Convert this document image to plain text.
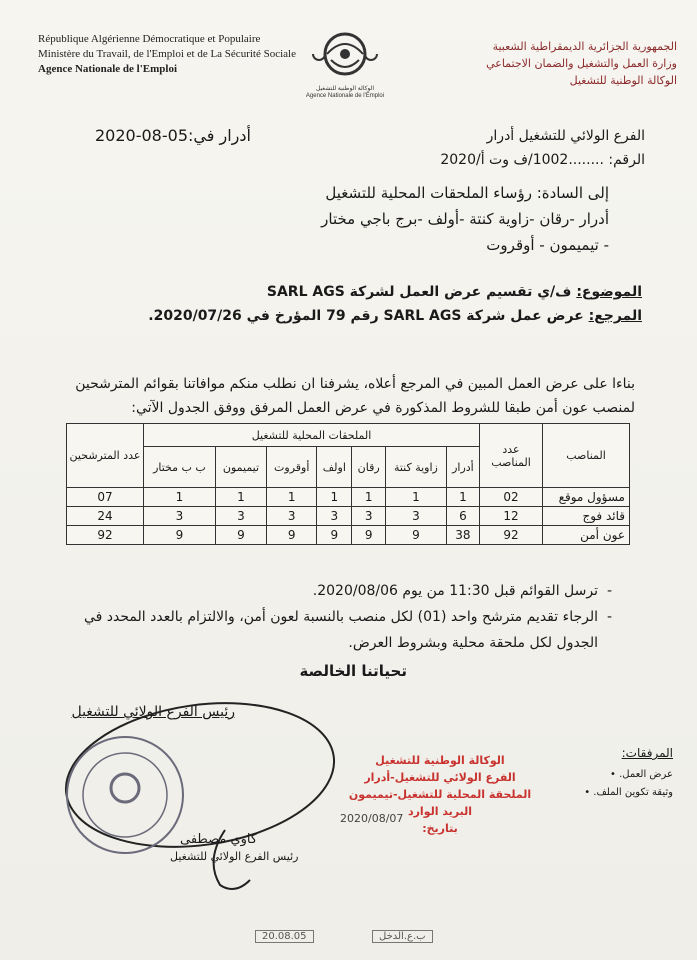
République Algérienne Démocratique et Populaire
Ministère du Travail, de l'Emploi et de La Sécurité Sociale
Agence Nationale de l'Emploi
الوكالة الوطنية للتشغيل
Agence Nationale de l'Emploi
الجمهورية الجزائرية الديمقراطية الشعبية
وزارة العمل والتشغيل والضمان الاجتماعي
الوكالة الوطنية للتشغيل
الفرع الولائي للتشغيل أدرار
الرقم: ........1002/ف وت أ/2020
أدرار في:05-08-2020
إلى السادة: رؤساء الملحقات المحلية للتشغيل
أدرار -رقان -زاوية كنتة -أولف -برج باجي مختار
- تيميمون - أوقروت
الموضوع: ف/ي تقسيم عرض العمل لشركة SARL AGS
المرجع: عرض عمل شركة SARL AGS رقم 79 المؤرخ في 2020/07/26.
بناءا على عرض العمل المبين في المرجع أعلاه، يشرفنا ان نطلب منكم موافاتنا بقوائم المترشحين لمنصب عون أمن طبقا للشروط المذكورة في عرض العمل المرفق ووفق الجدول الآتي:
المناصب	عدد المناصب	الملحقات المحلية للتشغيل							عدد المترشحين
		أدرار	زاوية كنتة	رقان	اولف	أوقروت	تيميمون	ب ب مختار	
مسؤول موقع	02	1	1	1	1	1	1	1	07
قائد فوج	12	6	3	3	3	3	3	3	24
عون أمن	92	38	9	9	9	9	9	9	92
- ترسل القوائم قبل 11:30 من يوم 2020/08/06.
- الرجاء تقديم مترشح واحد (01) لكل منصب بالنسبة لعون أمن، والالتزام بالعدد المحدد في الجدول لكل ملحقة محلية وبشروط العرض.
تحياتنا الخالصة
رئيس الفرع الولائي للتشغيل
المرفقات:
عرض العمل. •
وثيقة تكوين الملف. •
الوكالة الوطنية للتشغيل
الفرع الولائي للتشغيل-أدرار
الملحقة المحلية للتشغيل-تيميمون
البريد الوارد
بتاريخ:
2020/08/07
كاوي مصطفى
رئيس الفرع الولائي للتشغيل
ب.ع.الدخل
20.08.05
